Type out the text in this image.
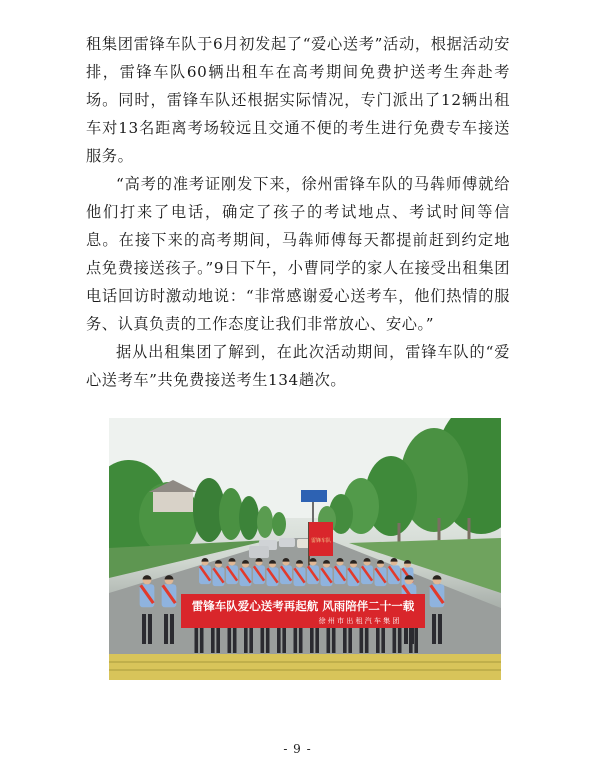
租集团雷锋车队于6月初发起了“爱心送考”活动，根据活动安排，雷锋车队60辆出租车在高考期间免费护送考生奔赴考场。同时，雷锋车队还根据实际情况，专门派出了12辆出租车对13名距离考场较远且交通不便的考生进行免费专车接送服务。

“高考的准考证刚发下来，徐州雷锋车队的马犇师傅就给他们打来了电话，确定了孩子的考试地点、考试时间等信息。在接下来的高考期间，马犇师傅每天都提前赶到约定地点免费接送孩子。”9日下午，小曹同学的家人在接受出租集团电话回访时激动地说：“非常感谢爱心送考车，他们热情的服务、认真负责的工作态度让我们非常放心、安心。”

据从出租集团了解到，在此次活动期间，雷锋车队的“爱心送考车”共免费接送考生134趟次。

雷锋车队
雷锋车队爱心送考再起航 风雨陪伴二十一载
徐 州 市 出 租 汽 车 集 团
- 9 -
